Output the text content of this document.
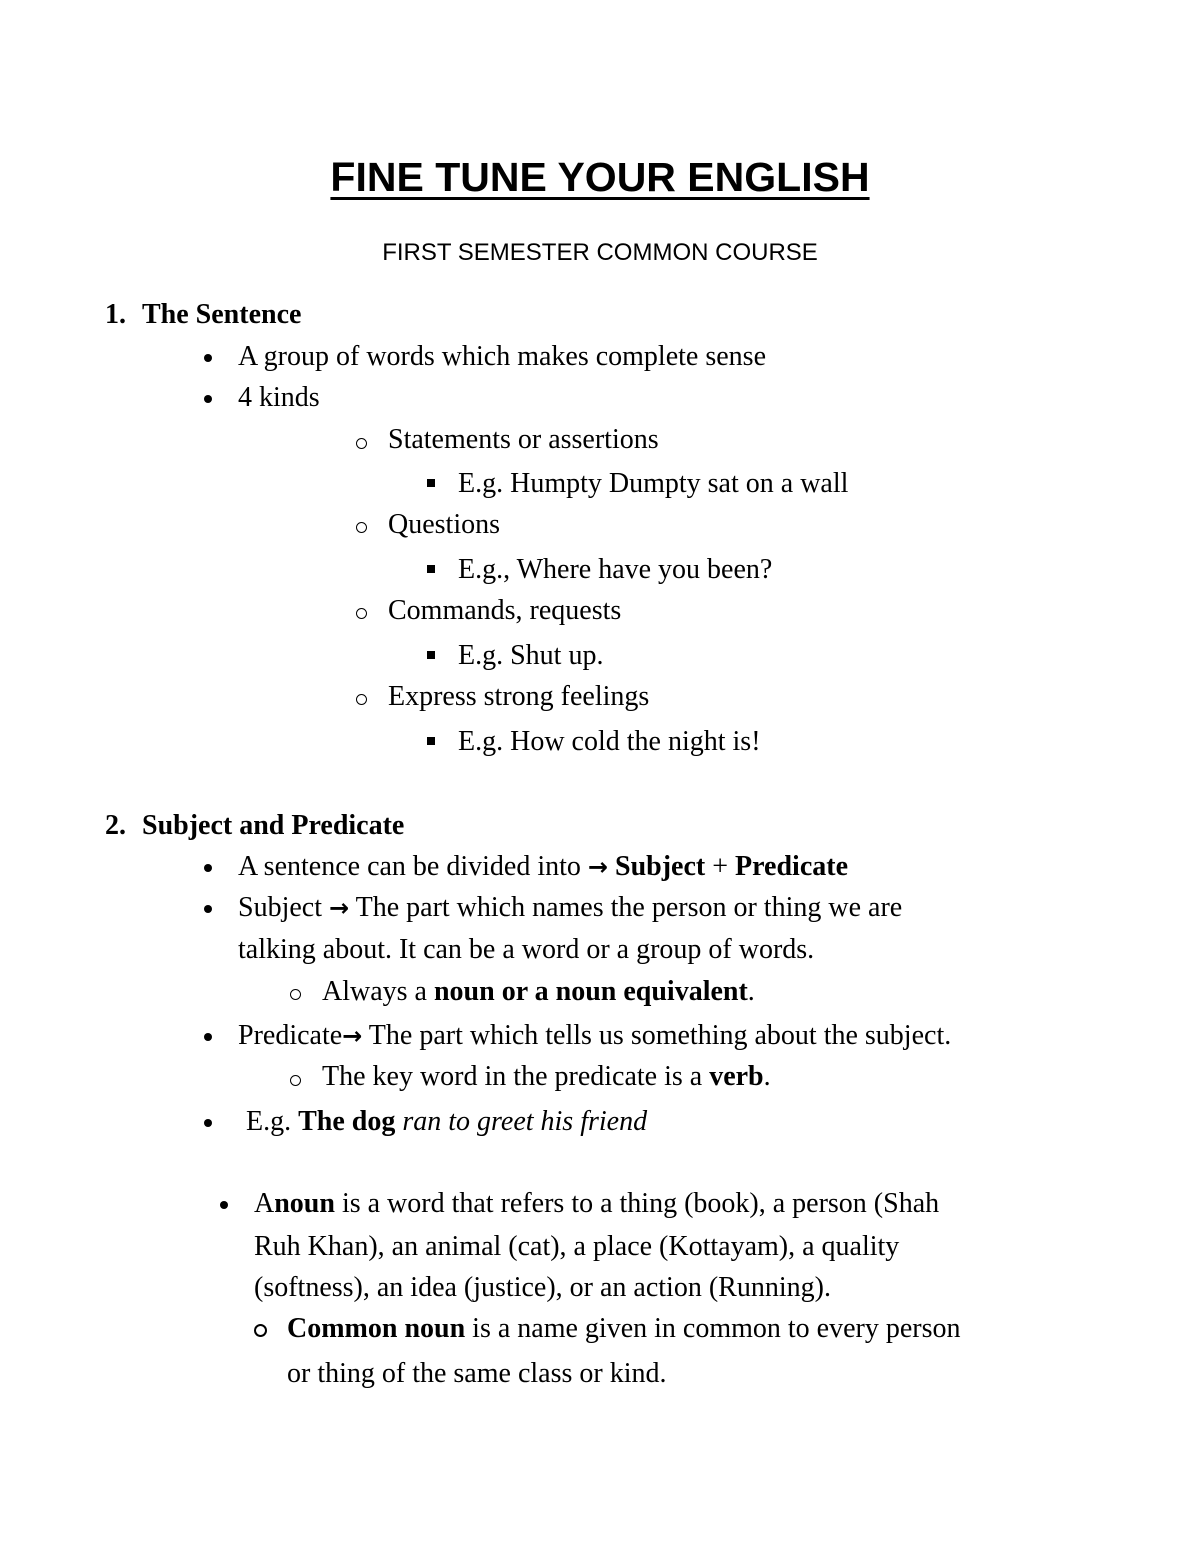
FINE TUNE YOUR ENGLISH
FIRST SEMESTER COMMON COURSE
1. The Sentence
A group of words which makes complete sense
4 kinds
Statements or assertions
E.g. Humpty Dumpty sat on a wall
Questions
E.g., Where have you been?
Commands, requests
E.g. Shut up.
Express strong feelings
E.g. How cold the night is!
2. Subject and Predicate
A sentence can be divided into → Subject + Predicate
Subject → The part which names the person or thing we are
talking about. It can be a word or a group of words.
Always a noun or a noun equivalent.
Predicate→ The part which tells us something about the subject.
The key word in the predicate is a verb.
E.g. The dog ran to greet his friend
Anoun is a word that refers to a thing (book), a person (Shah
Ruh Khan), an animal (cat), a place (Kottayam), a quality
(softness), an idea (justice), or an action (Running).
Common noun is a name given in common to every person
or thing of the same class or kind.
